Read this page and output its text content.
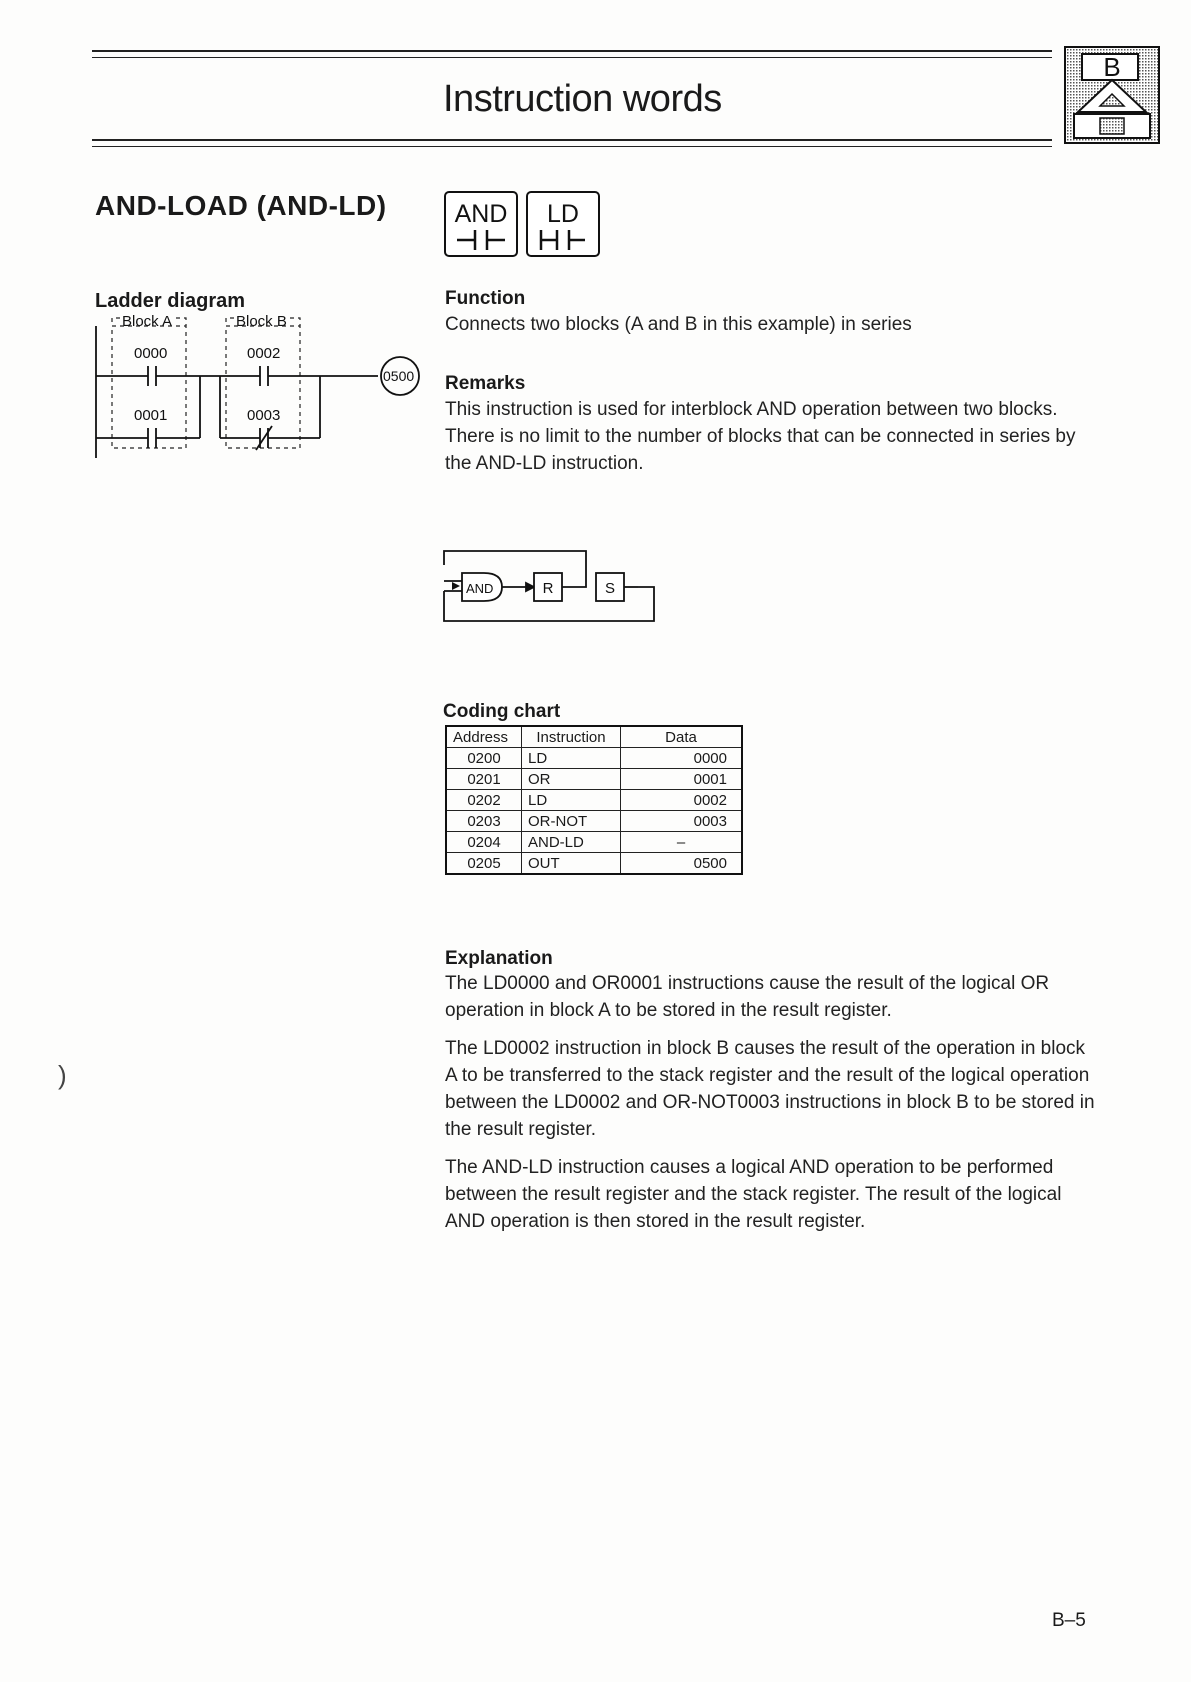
Instruction words
B
AND-LOAD (AND-LD)	AND LD
Ladder diagram
Block A	Block B
0000
0001
0002
0003
0500
Function

Connects two blocks (A and B in this example) in series

Remarks

This instruction is used for interblock AND operation between two blocks. There is no limit to the number of blocks that can be connected in series by the AND-LD instruction.

AND	R	S
Coding chart
Address	Instruction	Data
0200	LD	0000
0201	OR	0001
0202	LD	0002
0203	OR-NOT	0003
0204	AND-LD	–
0205	OUT	0500
Explanation

The LD0000 and OR0001 instructions cause the result of the logical OR operation in block A to be stored in the result register.

The LD0002 instruction in block B causes the result of the operation in block A to be transferred to the stack register and the result of the logical operation between the LD0002 and OR-NOT0003 instructions in block B to be stored in the result register.

The AND-LD instruction causes a logical AND operation to be performed between the result register and the stack register. The result of the logical AND operation is then stored in the result register.

)
B–5
